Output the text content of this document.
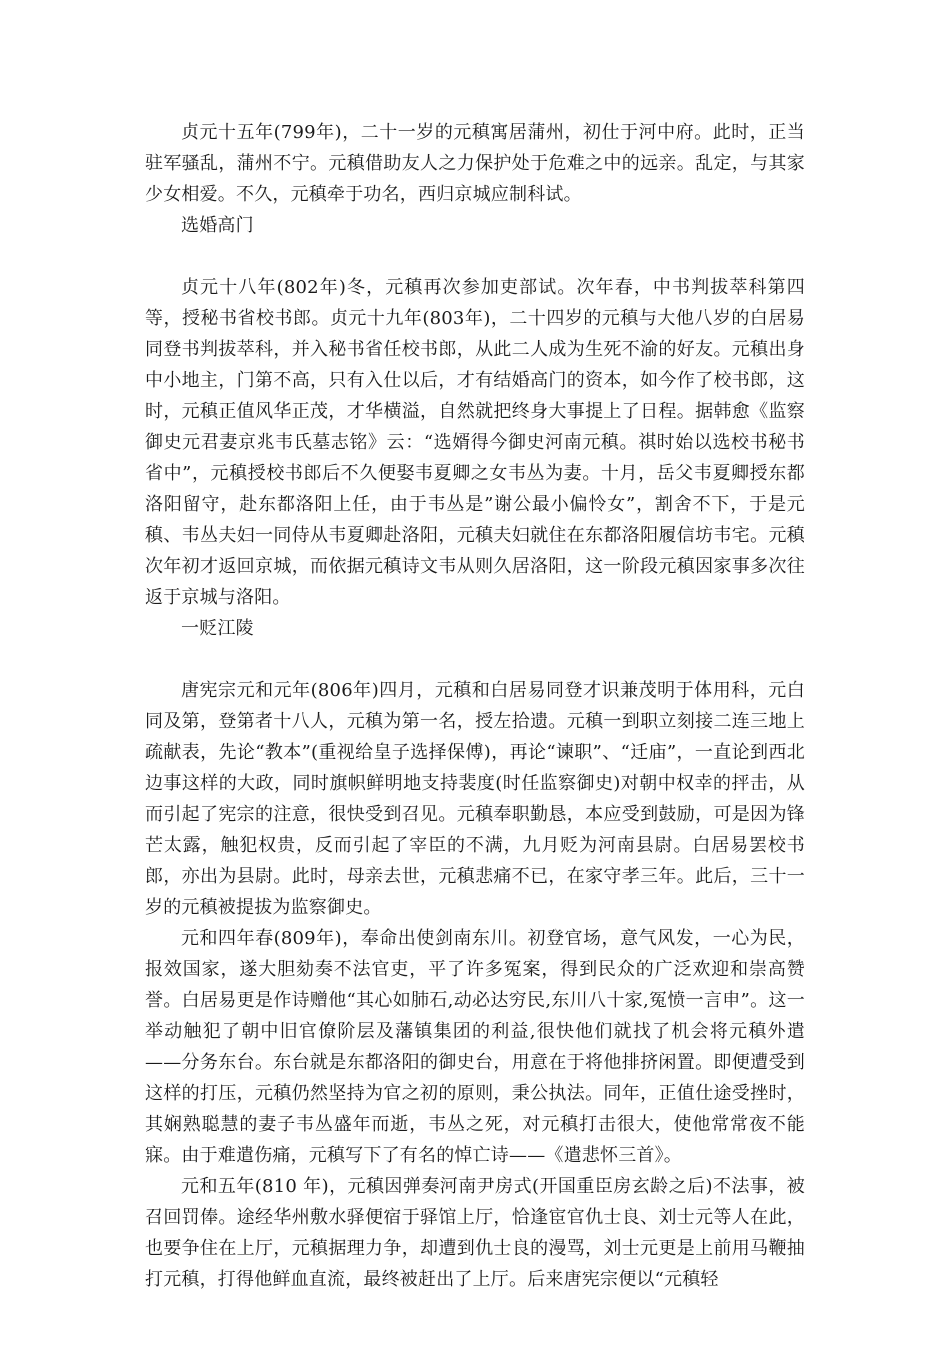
贞元十五年(799年)，二十一岁的元稹寓居蒲州，初仕于河中府。此时，正当驻军骚乱，蒲州不宁。元稹借助友人之力保护处于危难之中的远亲。乱定，与其家少女相爱。不久，元稹牵于功名，西归京城应制科试。

选婚高门

贞元十八年(802年)冬，元稹再次参加吏部试。次年春，中书判拔萃科第四等，授秘书省校书郎。贞元十九年(803年)，二十四岁的元稹与大他八岁的白居易同登书判拔萃科，并入秘书省任校书郎，从此二人成为生死不渝的好友。元稹出身中小地主，门第不高，只有入仕以后，才有结婚高门的资本，如今作了校书郎，这时，元稹正值风华正茂，才华横溢，自然就把终身大事提上了日程。据韩愈《监察御史元君妻京兆韦氏墓志铭》云：“选婿得今御史河南元稹。祺时始以选校书秘书省中”，元稹授校书郎后不久便娶韦夏卿之女韦丛为妻。十月，岳父韦夏卿授东都洛阳留守，赴东都洛阳上任，由于韦丛是”谢公最小偏怜女”，割舍不下，于是元稹、韦丛夫妇一同侍从韦夏卿赴洛阳，元稹夫妇就住在东都洛阳履信坊韦宅。元稹次年初才返回京城，而依据元稹诗文韦从则久居洛阳，这一阶段元稹因家事多次往返于京城与洛阳。

一贬江陵

唐宪宗元和元年(806年)四月，元稹和白居易同登才识兼茂明于体用科，元白同及第，登第者十八人，元稹为第一名，授左拾遗。元稹一到职立刻接二连三地上疏献表，先论“教本”(重视给皇子选择保傅)，再论“谏职”、“迁庙”，一直论到西北边事这样的大政，同时旗帜鲜明地支持裴度(时任监察御史)对朝中权幸的抨击，从而引起了宪宗的注意，很快受到召见。元稹奉职勤恳，本应受到鼓励，可是因为锋芒太露，触犯权贵，反而引起了宰臣的不满，九月贬为河南县尉。白居易罢校书郎，亦出为县尉。此时，母亲去世，元稹悲痛不已，在家守孝三年。此后，三十一岁的元稹被提拔为监察御史。

元和四年春(809年)，奉命出使剑南东川。初登官场，意气风发，一心为民，报效国家，遂大胆劾奏不法官吏，平了许多冤案，得到民众的广泛欢迎和崇高赞誉。白居易更是作诗赠他“其心如肺石,动必达穷民,东川八十家,冤愤一言申”。这一举动触犯了朝中旧官僚阶层及藩镇集团的利益,很快他们就找了机会将元稹外遣——分务东台。东台就是东都洛阳的御史台，用意在于将他排挤闲置。即便遭受到这样的打压，元稹仍然坚持为官之初的原则，秉公执法。同年，正值仕途受挫时，其娴熟聪慧的妻子韦丛盛年而逝，韦丛之死，对元稹打击很大，使他常常夜不能寐。由于难遣伤痛，元稹写下了有名的悼亡诗——《遣悲怀三首》。

元和五年(810 年)，元稹因弹奏河南尹房式(开国重臣房玄龄之后)不法事，被召回罚俸。途经华州敷水驿便宿于驿馆上厅，恰逢宦官仇士良、刘士元等人在此，也要争住在上厅，元稹据理力争，却遭到仇士良的漫骂，刘士元更是上前用马鞭抽打元稹，打得他鲜血直流，最终被赶出了上厅。后来唐宪宗便以“元稹轻
